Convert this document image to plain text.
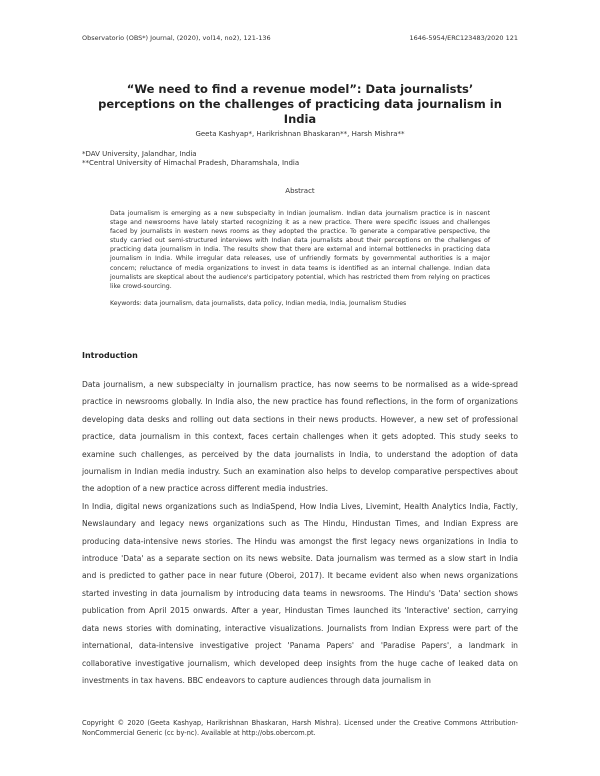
Observatorio (OBS*) Journal, (2020), vol14, no2), 121-136	1646-5954/ERC123483/2020 121
“We need to find a revenue model”: Data journalists’ perceptions on the challenges of practicing data journalism in India
Geeta Kashyap*, Harikrishnan Bhaskaran**, Harsh Mishra**
*DAV University, Jalandhar, India
**Central University of Himachal Pradesh, Dharamshala, India
Abstract

Data journalism is emerging as a new subspecialty in Indian journalism. Indian data journalism practice is in nascent stage and newsrooms have lately started recognizing it as a new practice. There were specific issues and challenges faced by journalists in western news rooms as they adopted the practice. To generate a comparative perspective, the study carried out semi-structured interviews with Indian data journalists about their perceptions on the challenges of practicing data journalism in India. The results show that there are external and internal bottlenecks in practicing data journalism in India. While irregular data releases, use of unfriendly formats by governmental authorities is a major concern; reluctance of media organizations to invest in data teams is identified as an internal challenge. Indian data journalists are skeptical about the audience's participatory potential, which has restricted them from relying on practices like crowd-sourcing.

Keywords: data journalism, data journalists, data policy, Indian media, India, Journalism Studies
Introduction

Data journalism, a new subspecialty in journalism practice, has now seems to be normalised as a wide-spread practice in newsrooms globally. In India also, the new practice has found reflections, in the form of organizations developing data desks and rolling out data sections in their news products. However, a new set of professional practice, data journalism in this context, faces certain challenges when it gets adopted. This study seeks to examine such challenges, as perceived by the data journalists in India, to understand the adoption of data journalism in Indian media industry. Such an examination also helps to develop comparative perspectives about the adoption of a new practice across different media industries.

In India, digital news organizations such as IndiaSpend, How India Lives, Livemint, Health Analytics India, Factly, Newslaundary and legacy news organizations such as The Hindu, Hindustan Times, and Indian Express are producing data-intensive news stories. The Hindu was amongst the first legacy news organizations in India to introduce 'Data' as a separate section on its news website. Data journalism was termed as a slow start in India and is predicted to gather pace in near future (Oberoi, 2017). It became evident also when news organizations started investing in data journalism by introducing data teams in newsrooms. The Hindu's 'Data' section shows publication from April 2015 onwards. After a year, Hindustan Times launched its 'Interactive' section, carrying data news stories with dominating, interactive visualizations. Journalists from Indian Express were part of the international, data-intensive investigative project 'Panama Papers' and 'Paradise Papers', a landmark in collaborative investigative journalism, which developed deep insights from the huge cache of leaked data on investments in tax havens. BBC endeavors to capture audiences through data journalism in

Copyright © 2020 (Geeta Kashyap, Harikrishnan Bhaskaran, Harsh Mishra). Licensed under the Creative Commons Attribution-NonCommercial Generic (cc by-nc). Available at http://obs.obercom.pt.
